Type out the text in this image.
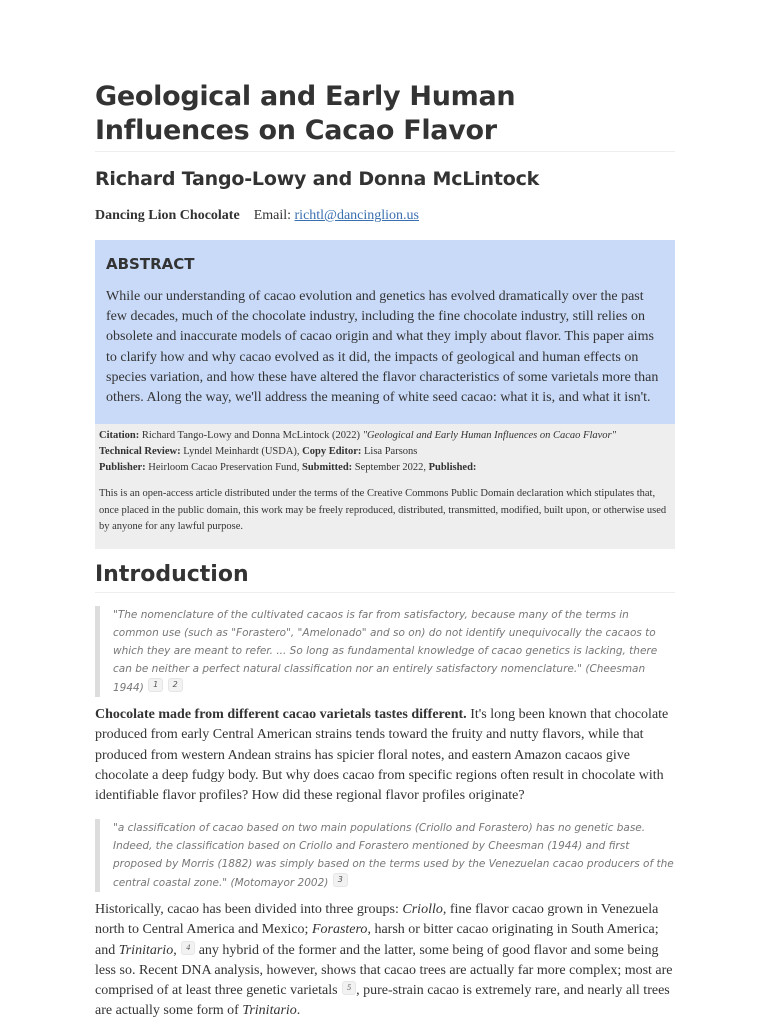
Geological and Early Human Influences on Cacao Flavor
Richard Tango-Lowy and Donna McLintock
Dancing Lion Chocolate Email: richtl@dancinglion.us
ABSTRACT

While our understanding of cacao evolution and genetics has evolved dramatically over the past few decades, much of the chocolate industry, including the fine chocolate industry, still relies on obsolete and inaccurate models of cacao origin and what they imply about flavor. This paper aims to clarify how and why cacao evolved as it did, the impacts of geological and human effects on species variation, and how these have altered the flavor characteristics of some varietals more than others. Along the way, we'll address the meaning of white seed cacao: what it is, and what it isn't.

Citation: Richard Tango-Lowy and Donna McLintock (2022) "Geological and Early Human Influences on Cacao Flavor"

Technical Review: Lyndel Meinhardt (USDA), Copy Editor: Lisa Parsons

Publisher: Heirloom Cacao Preservation Fund, Submitted: September 2022, Published:

This is an open-access article distributed under the terms of the Creative Commons Public Domain declaration which stipulates that, once placed in the public domain, this work may be freely reproduced, distributed, transmitted, modified, built upon, or otherwise used by anyone for any lawful purpose.

Introduction
"The nomenclature of the cultivated cacaos is far from satisfactory, because many of the terms in common use (such as "Forastero", "Amelonado" and so on) do not identify unequivocally the cacaos to which they are meant to refer. ... So long as fundamental knowledge of cacao genetics is lacking, there can be neither a perfect natural classification nor an entirely satisfactory nomenclature." (Cheesman 1944) $^1$ $^2$

Chocolate made from different cacao varietals tastes different. It's long been known that chocolate produced from early Central American strains tends toward the fruity and nutty flavors, while that produced from western Andean strains has spicier floral notes, and eastern Amazon cacaos give chocolate a deep fudgy body. But why does cacao from specific regions often result in chocolate with identifiable flavor profiles? How did these regional flavor profiles originate?

"a classification of cacao based on two main populations (Criollo and Forastero) has no genetic base. Indeed, the classification based on Criollo and Forastero mentioned by Cheesman (1944) and first proposed by Morris (1882) was simply based on the terms used by the Venezuelan cacao producers of the central coastal zone." (Motomayor 2002) $^3$

Historically, cacao has been divided into three groups: Criollo, fine flavor cacao grown in Venezuela north to Central America and Mexico; Forastero, harsh or bitter cacao originating in South America; and Trinitario, $^4$ any hybrid of the former and the latter, some being of good flavor and some being less so. Recent DNA analysis, however, shows that cacao trees are actually far more complex; most are comprised of at least three genetic varietals $^5$ , pure-strain cacao is extremely rare, and nearly all trees are actually some form of Trinitario.
